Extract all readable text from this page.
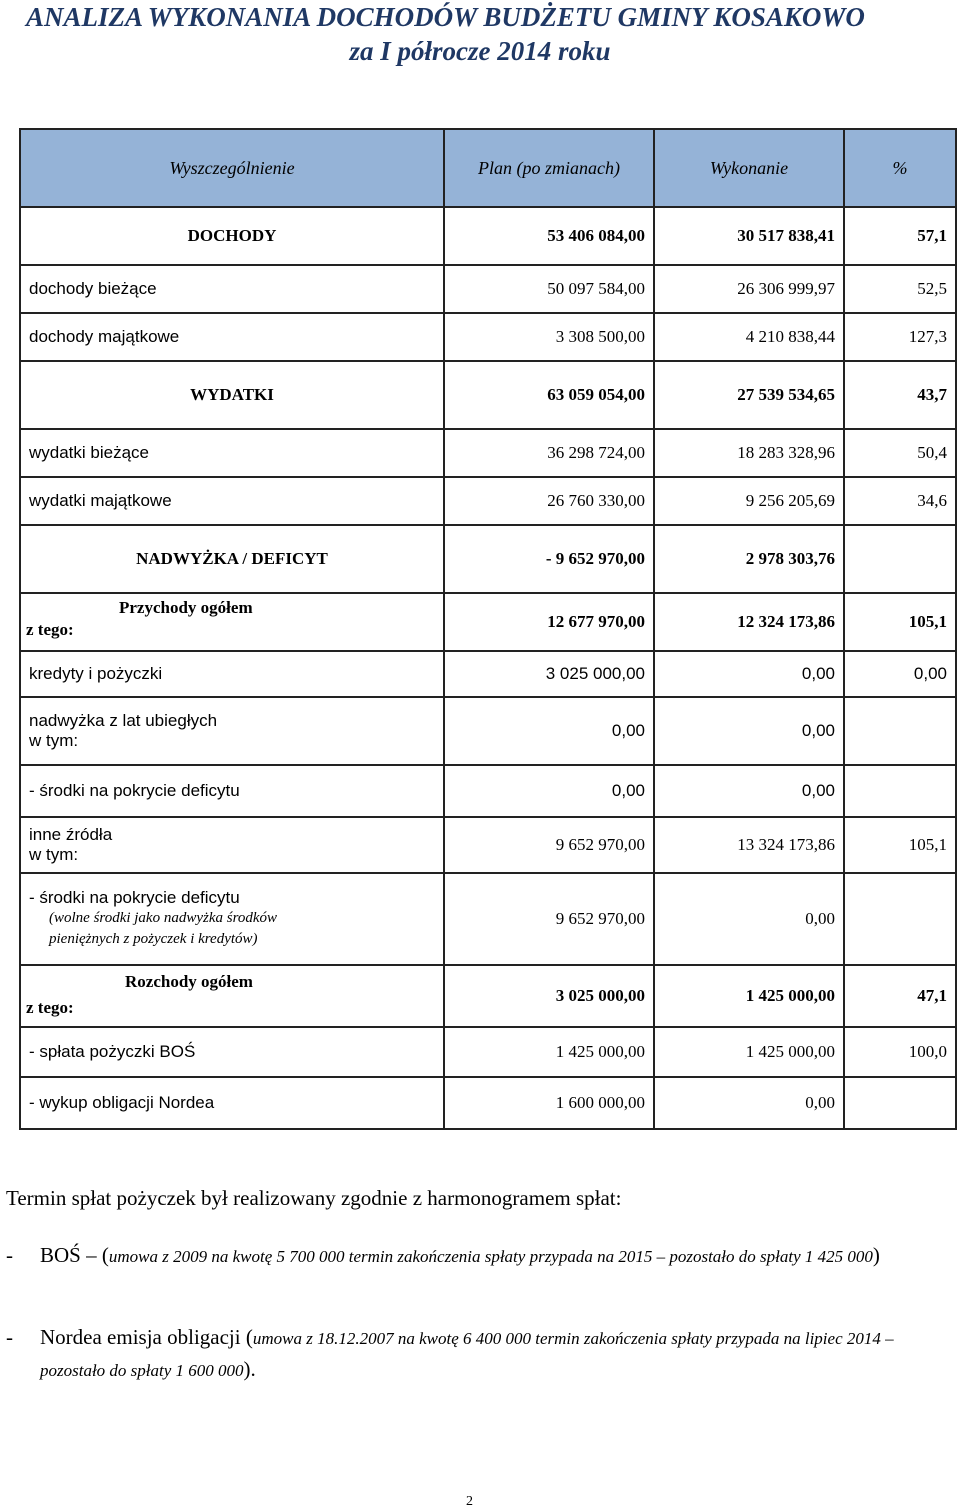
ANALIZA WYKONANIA DOCHODÓW BUDŻETU GMINY KOSAKOWO
za I półrocze 2014 roku
Wyszczególnienie	Plan (po zmianach)	Wykonanie	%
DOCHODY	53 406 084,00	30 517 838,41	57,1
dochody bieżące	50 097 584,00	26 306 999,97	52,5
dochody majątkowe	3 308 500,00	4 210 838,44	127,3
WYDATKI	63 059 054,00	27 539 534,65	43,7
wydatki bieżące	36 298 724,00	18 283 328,96	50,4
wydatki majątkowe	26 760 330,00	9 256 205,69	34,6
NADWYŻKA / DEFICYT	- 9 652 970,00	2 978 303,76	

Przychody ogółem
z tego:	12 677 970,00	12 324 173,86	105,1
kredyty i pożyczki	3 025 000,00	0,00	0,00

nadwyżka z lat ubiegłych
w tym:	0,00	0,00	
- środki na pokrycie deficytu	0,00	0,00	

inne źródła
w tym:	9 652 970,00	13 324 173,86	105,1

- środki na pokrycie deficytu
(wolne środki jako nadwyżka środków
pieniężnych z pożyczek i kredytów)	9 652 970,00	0,00	

Rozchody ogółem
z tego:	3 025 000,00	1 425 000,00	47,1
- spłata pożyczki BOŚ	1 425 000,00	1 425 000,00	100,0
- wykup obligacji Nordea	1 600 000,00	0,00	
Termin spłat pożyczek był realizowany zgodnie z harmonogramem spłat:
- BOŚ – (umowa z 2009 na kwotę 5 700 000 termin zakończenia spłaty przypada na 2015 – pozostało do spłaty 1 425 000)
- Nordea emisja obligacji (umowa z 18.12.2007 na kwotę 6 400 000 termin zakończenia spłaty przypada na lipiec 2014 – pozostało do spłaty 1 600 000).
2
